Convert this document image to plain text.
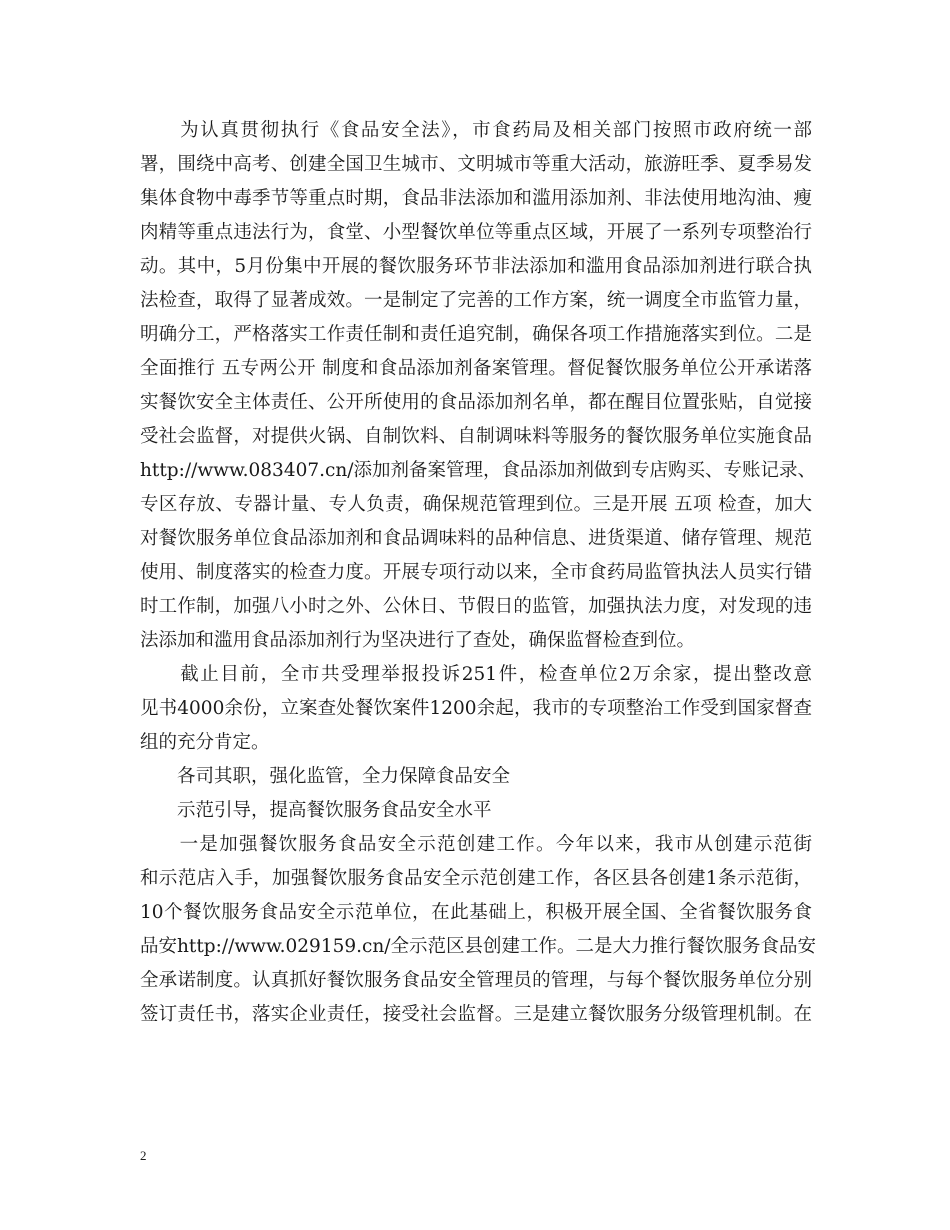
　　为认真贯彻执行《食品安全法》，市食药局及相关部门按照市政府统一部
署，围绕中高考、创建全国卫生城市、文明城市等重大活动，旅游旺季、夏季易发
集体食物中毒季节等重点时期，食品非法添加和滥用添加剂、非法使用地沟油、瘦
肉精等重点违法行为，食堂、小型餐饮单位等重点区域，开展了一系列专项整治行
动。其中，5月份集中开展的餐饮服务环节非法添加和滥用食品添加剂进行联合执
法检查，取得了显著成效。一是制定了完善的工作方案，统一调度全市监管力量，
明确分工，严格落实工作责任制和责任追究制，确保各项工作措施落实到位。二是
全面推行 五专两公开 制度和食品添加剂备案管理。督促餐饮服务单位公开承诺落
实餐饮安全主体责任、公开所使用的食品添加剂名单，都在醒目位置张贴，自觉接
受社会监督，对提供火锅、自制饮料、自制调味料等服务的餐饮服务单位实施食品
http://www.083407.cn/添加剂备案管理，食品添加剂做到专店购买、专账记录、
专区存放、专器计量、专人负责，确保规范管理到位。三是开展 五项 检查，加大
对餐饮服务单位食品添加剂和食品调味料的品种信息、进货渠道、储存管理、规范
使用、制度落实的检查力度。开展专项行动以来，全市食药局监管执法人员实行错
时工作制，加强八小时之外、公休日、节假日的监管，加强执法力度，对发现的违
法添加和滥用食品添加剂行为坚决进行了查处，确保监督检查到位。
　　截止目前，全市共受理举报投诉251件，检查单位2万余家，提出整改意
见书4000余份，立案查处餐饮案件1200余起，我市的专项整治工作受到国家督查
组的充分肯定。
　　各司其职，强化监管，全力保障食品安全
　　示范引导，提高餐饮服务食品安全水平
　　一是加强餐饮服务食品安全示范创建工作。今年以来，我市从创建示范街
和示范店入手，加强餐饮服务食品安全示范创建工作，各区县各创建1条示范街，
10个餐饮服务食品安全示范单位，在此基础上，积极开展全国、全省餐饮服务食
品安http://www.029159.cn/全示范区县创建工作。二是大力推行餐饮服务食品安
全承诺制度。认真抓好餐饮服务食品安全管理员的管理，与每个餐饮服务单位分别
签订责任书，落实企业责任，接受社会监督。三是建立餐饮服务分级管理机制。在
2
